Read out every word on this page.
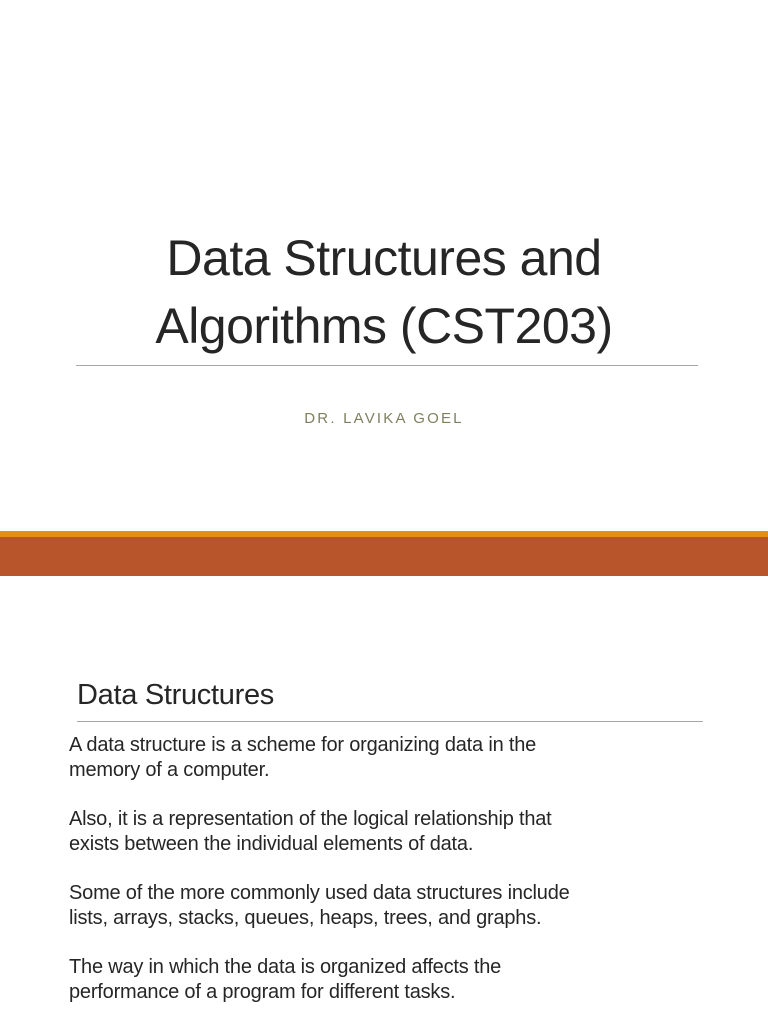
Data Structures and
Algorithms (CST203)
DR. LAVIKA GOEL
Data Structures

A data structure is a scheme for organizing data in the
memory of a computer.

Also, it is a representation of the logical relationship that
exists between the individual elements of data.

Some of the more commonly used data structures include
lists, arrays, stacks, queues, heaps, trees, and graphs.

The way in which the data is organized affects the
performance of a program for different tasks.
